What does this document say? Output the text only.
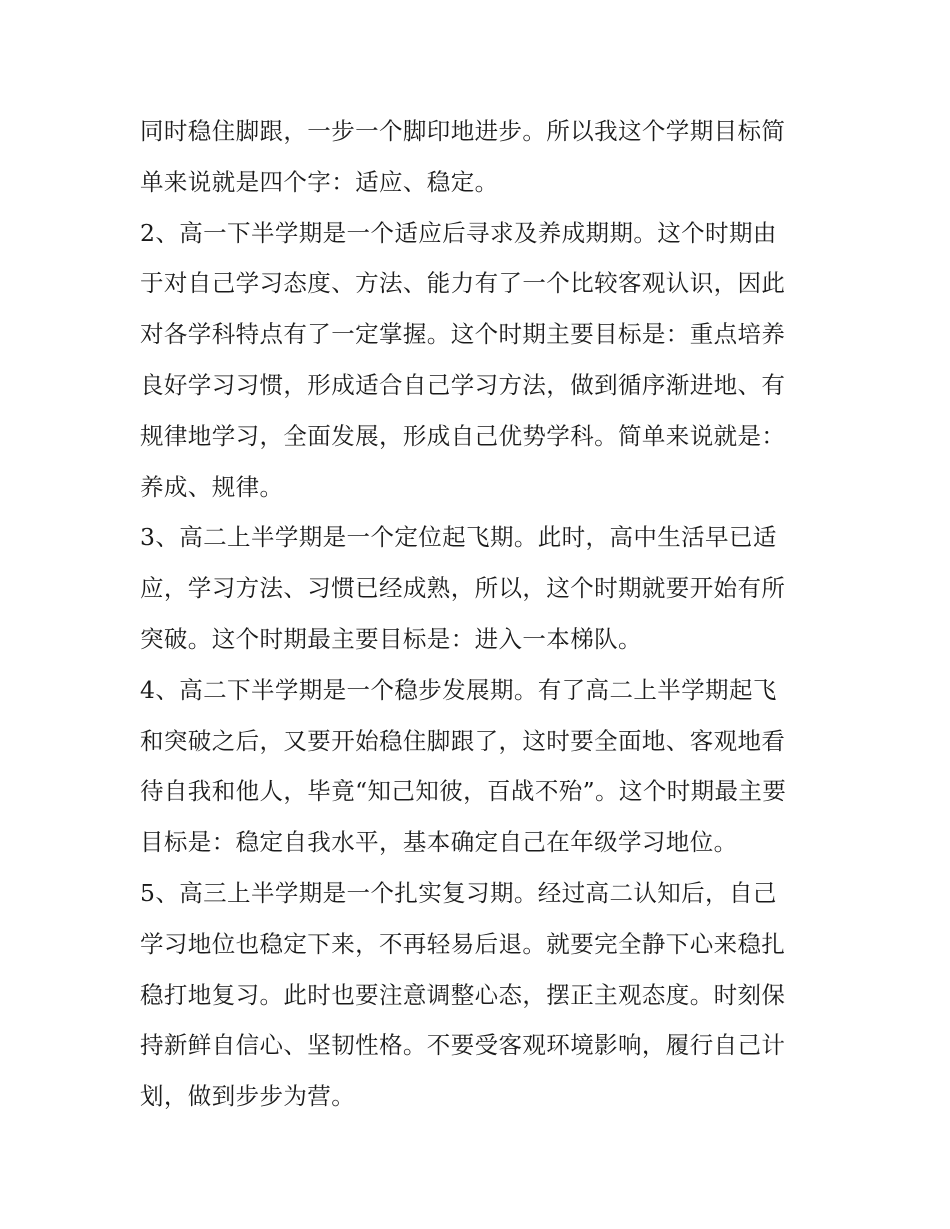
同时稳住脚跟，一步一个脚印地进步。所以我这个学期目标简
单来说就是四个字：适应、稳定。
2、高一下半学期是一个适应后寻求及养成期期。这个时期由
于对自己学习态度、方法、能力有了一个比较客观认识，因此
对各学科特点有了一定掌握。这个时期主要目标是：重点培养
良好学习习惯，形成适合自己学习方法，做到循序渐进地、有
规律地学习，全面发展，形成自己优势学科。简单来说就是：
养成、规律。
3、高二上半学期是一个定位起飞期。此时，高中生活早已适
应，学习方法、习惯已经成熟，所以，这个时期就要开始有所
突破。这个时期最主要目标是：进入一本梯队。
4、高二下半学期是一个稳步发展期。有了高二上半学期起飞
和突破之后，又要开始稳住脚跟了，这时要全面地、客观地看
待自我和他人，毕竟“知己知彼，百战不殆”。这个时期最主要
目标是：稳定自我水平，基本确定自己在年级学习地位。
5、高三上半学期是一个扎实复习期。经过高二认知后，自己
学习地位也稳定下来，不再轻易后退。就要完全静下心来稳扎
稳打地复习。此时也要注意调整心态，摆正主观态度。时刻保
持新鲜自信心、坚韧性格。不要受客观环境影响，履行自己计
划，做到步步为营。
